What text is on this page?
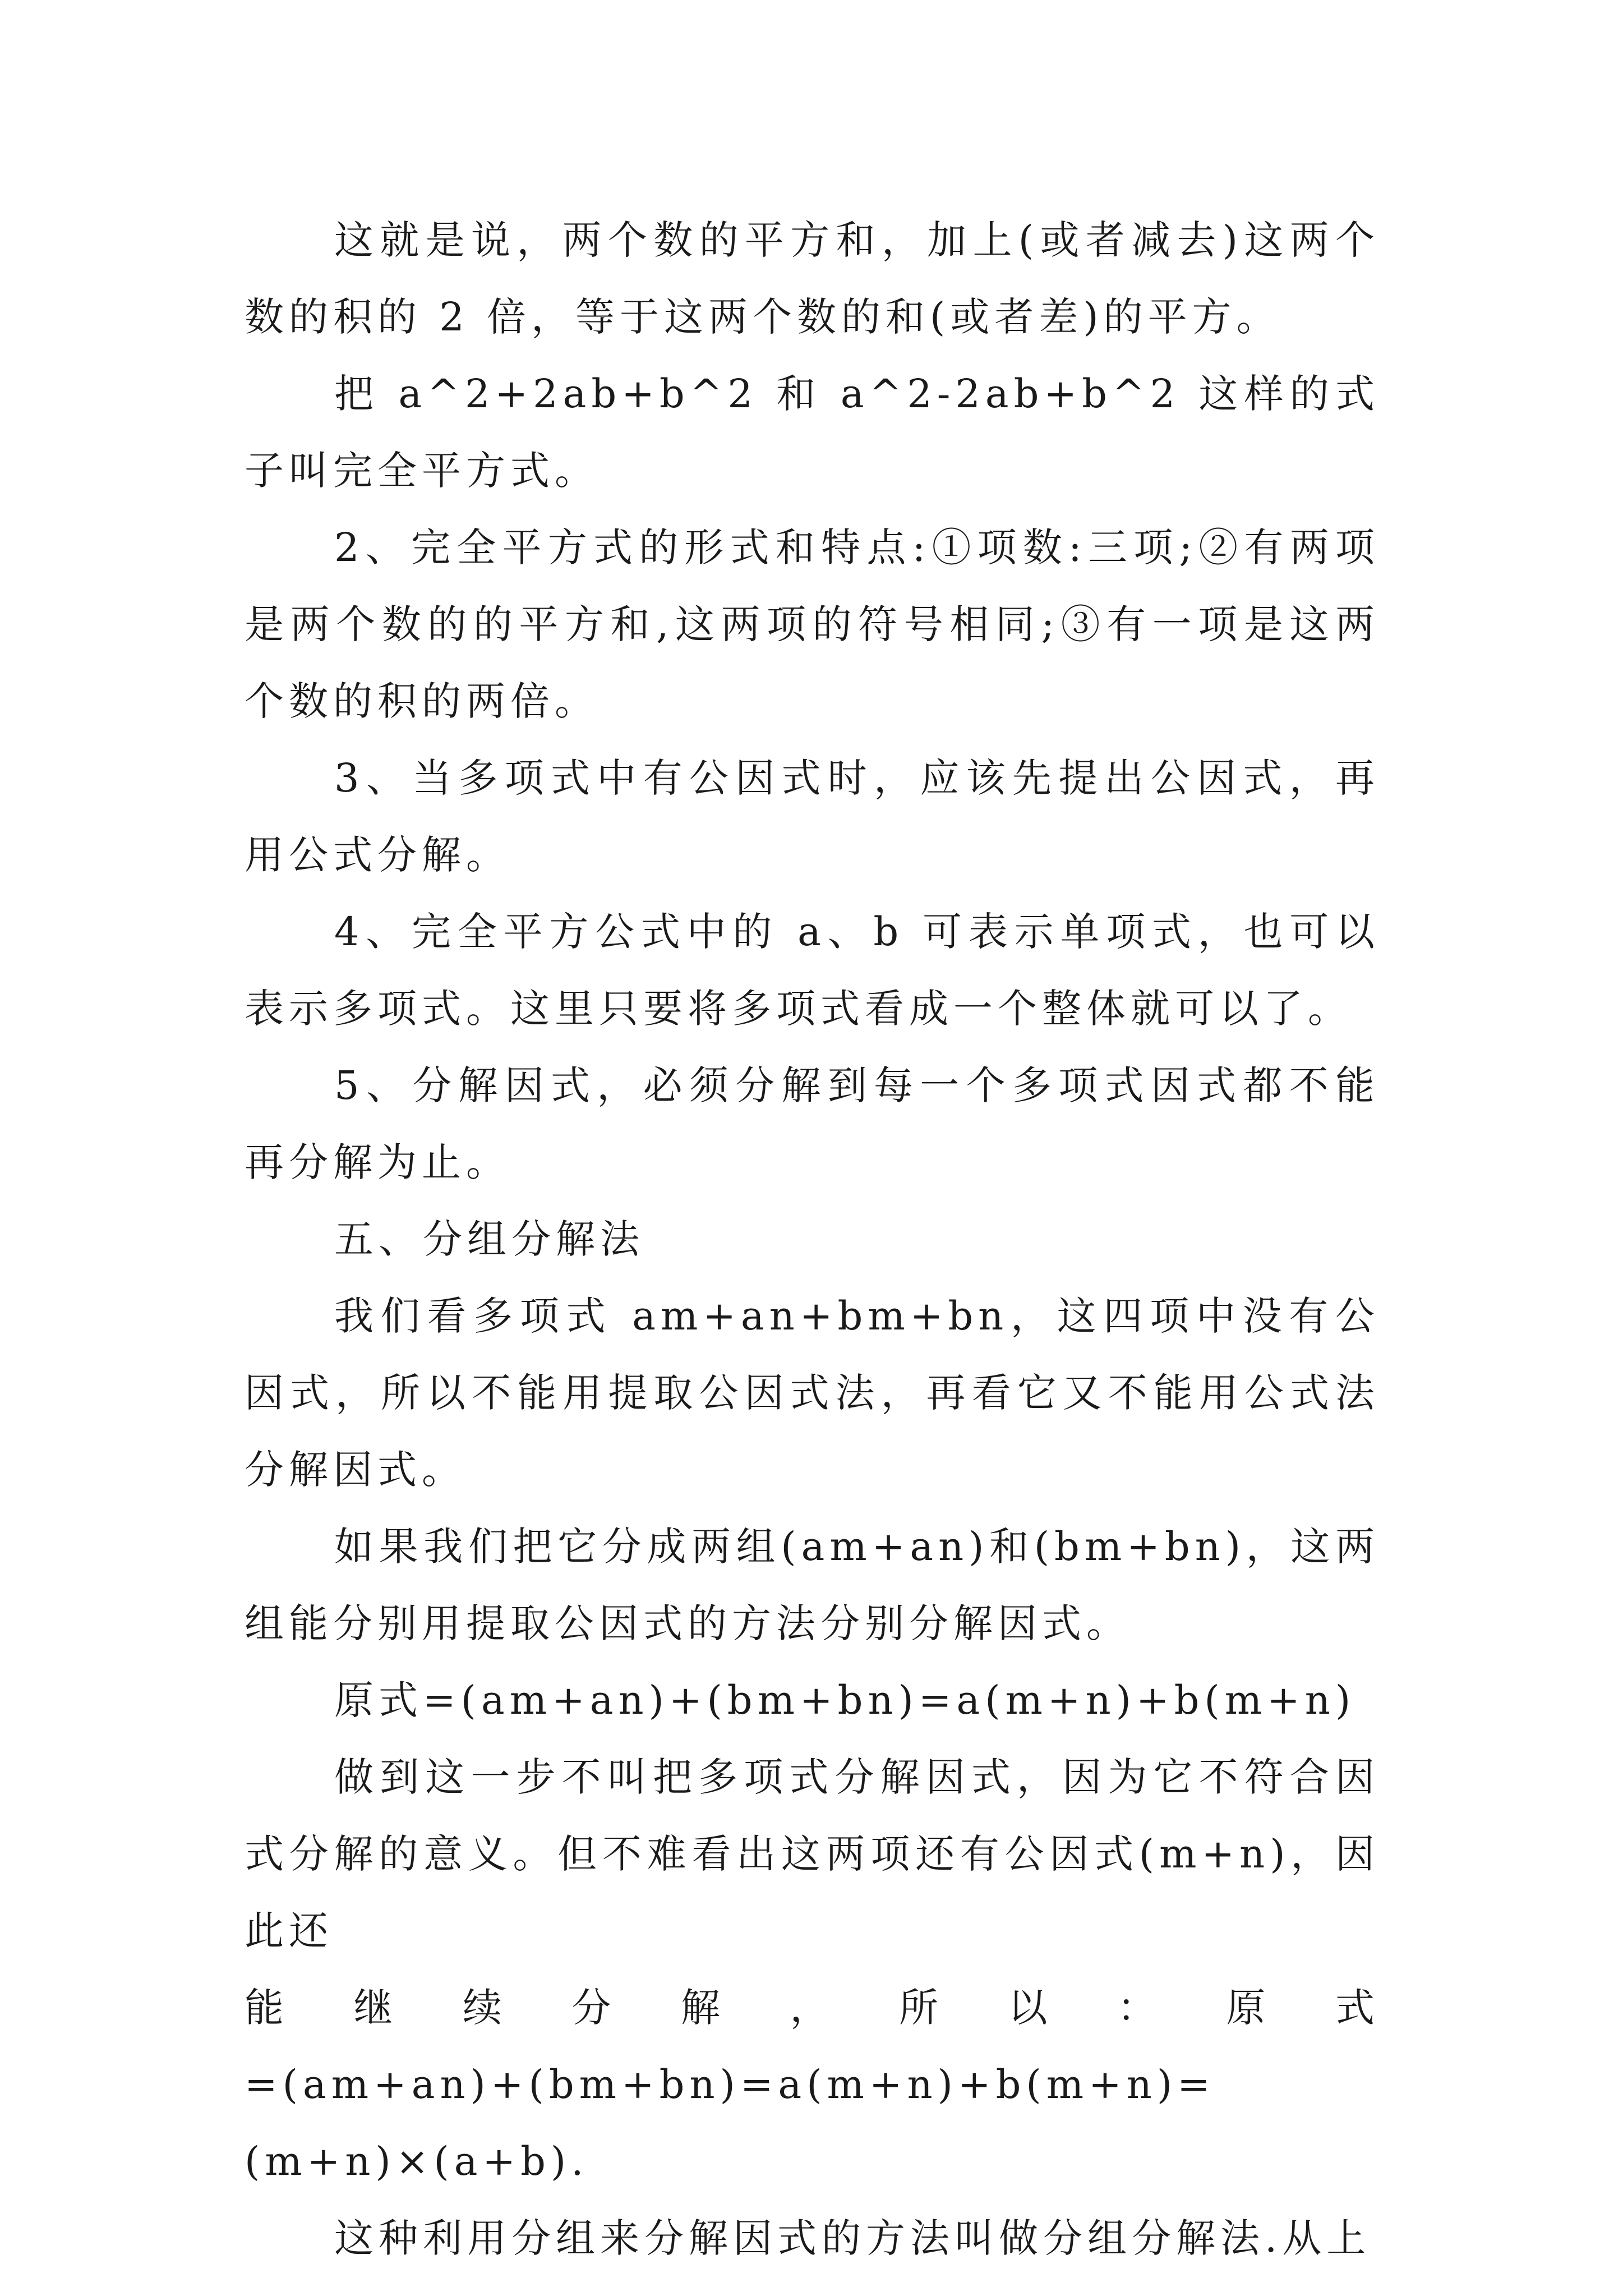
这就是说，两个数的平方和，加上(或者减去)这两个数的积的 2 倍，等于这两个数的和(或者差)的平方。

把 a^2+2ab+b^2 和 a^2-2ab+b^2 这样的式子叫完全平方式。

2、完全平方式的形式和特点:①项数:三项;②有两项是两个数的的平方和,这两项的符号相同;③有一项是这两个数的积的两倍。

3、当多项式中有公因式时，应该先提出公因式，再用公式分解。

4、完全平方公式中的 a、b 可表示单项式，也可以表示多项式。这里只要将多项式看成一个整体就可以了。

5、分解因式，必须分解到每一个多项式因式都不能再分解为止。

五、分组分解法

我们看多项式 am+an+bm+bn，这四项中没有公因式，所以不能用提取公因式法，再看它又不能用公式法分解因式。

如果我们把它分成两组(am+an)和(bm+bn)，这两组能分别用提取公因式的方法分别分解因式。

原式=(am+an)+(bm+bn)=a(m+n)+b(m+n)

做到这一步不叫把多项式分解因式，因为它不符合因式分解的意义。但不难看出这两项还有公因式(m+n)，因此还
能 继 续 分 解 ， 所 以 ： 原 式
=(am+an)+(bm+bn)=a(m+n)+b(m+n)=(m+n)×(a+b).

这种利用分组来分解因式的方法叫做分组分解法.从上
